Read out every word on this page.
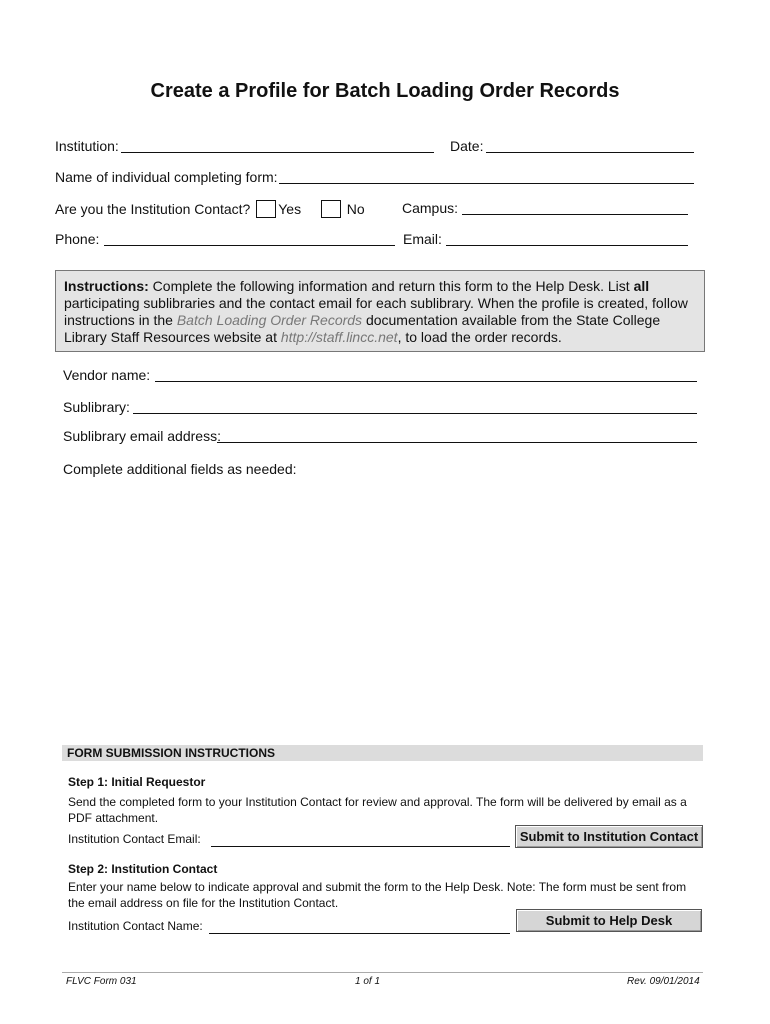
Create a Profile for Batch Loading Order Records
Institution:	Date:
Name of individual completing form:
Are you the Institution Contact? Yes	No	Campus:
Phone:	Email:
Instructions: Complete the following information and return this form to the Help Desk. List all participating sublibraries and the contact email for each sublibrary. When the profile is created, follow instructions in the Batch Loading Order Records documentation available from the State College Library Staff Resources website at http://staff.lincc.net, to load the order records.
Vendor name:
Sublibrary:
Sublibrary email address:
Complete additional fields as needed:
FORM SUBMISSION INSTRUCTIONS
Step 1: Initial Requestor
Send the completed form to your Institution Contact for review and approval. The form will be delivered by email as a PDF attachment.
Institution Contact Email:	Submit to Institution Contact
Step 2: Institution Contact
Enter your name below to indicate approval and submit the form to the Help Desk. Note: The form must be sent from the email address on file for the Institution Contact.
Institution Contact Name:	Submit to Help Desk
FLVC Form 031	1 of 1	Rev. 09/01/2014
